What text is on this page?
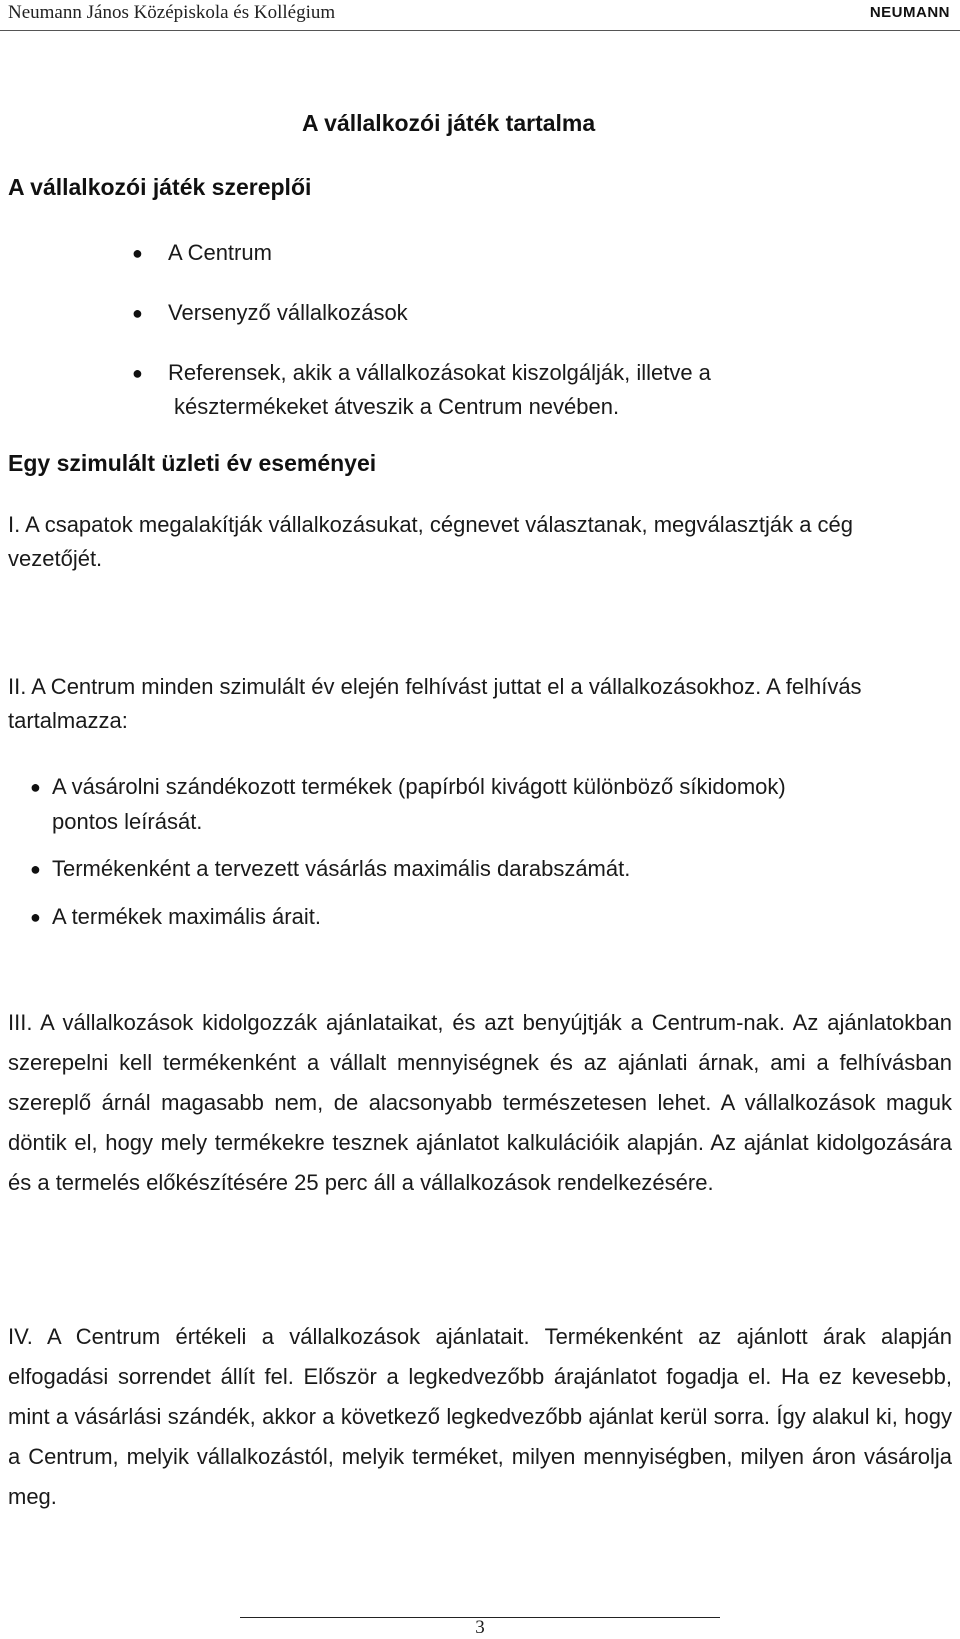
Neumann János Középiskola és Kollégium	NEUMANN
A vállalkozói játék tartalma
A vállalkozói játék szereplői
● A Centrum
● Versenyző vállalkozások
● Referensek, akik a vállalkozásokat kiszolgálják, illetve a
késztermékeket átveszik a Centrum nevében.
Egy szimulált üzleti év eseményei
I. A csapatok megalakítják vállalkozásukat, cégnevet választanak, megválasztják a cég vezetőjét.
II. A Centrum minden szimulált év elején felhívást juttat el a vállalkozásokhoz. A felhívás tartalmazza:
● A vásárolni szándékozott termékek (papírból kivágott különböző síkidomok)
pontos leírását.
● Termékenként a tervezett vásárlás maximális darabszámát.
● A termékek maximális árait.
III. A vállalkozások kidolgozzák ajánlataikat, és azt benyújtják a Centrum-nak. Az ajánlatokban szerepelni kell termékenként a vállalt mennyiségnek és az ajánlati árnak, ami a felhívásban szereplő árnál magasabb nem, de alacsonyabb természetesen lehet. A vállalkozások maguk döntik el, hogy mely termékekre tesznek ajánlatot kalkulációik alapján. Az ajánlat kidolgozására és a termelés előkészítésére 25 perc áll a vállalkozások rendelkezésére.
IV. A Centrum értékeli a vállalkozások ajánlatait. Termékenként az ajánlott árak alapján elfogadási sorrendet állít fel. Először a legkedvezőbb árajánlatot fogadja el. Ha ez kevesebb, mint a vásárlási szándék, akkor a következő legkedvezőbb ajánlat kerül sorra. Így alakul ki, hogy a Centrum, melyik vállalkozástól, melyik terméket, milyen mennyiségben, milyen áron vásárolja meg.
3
